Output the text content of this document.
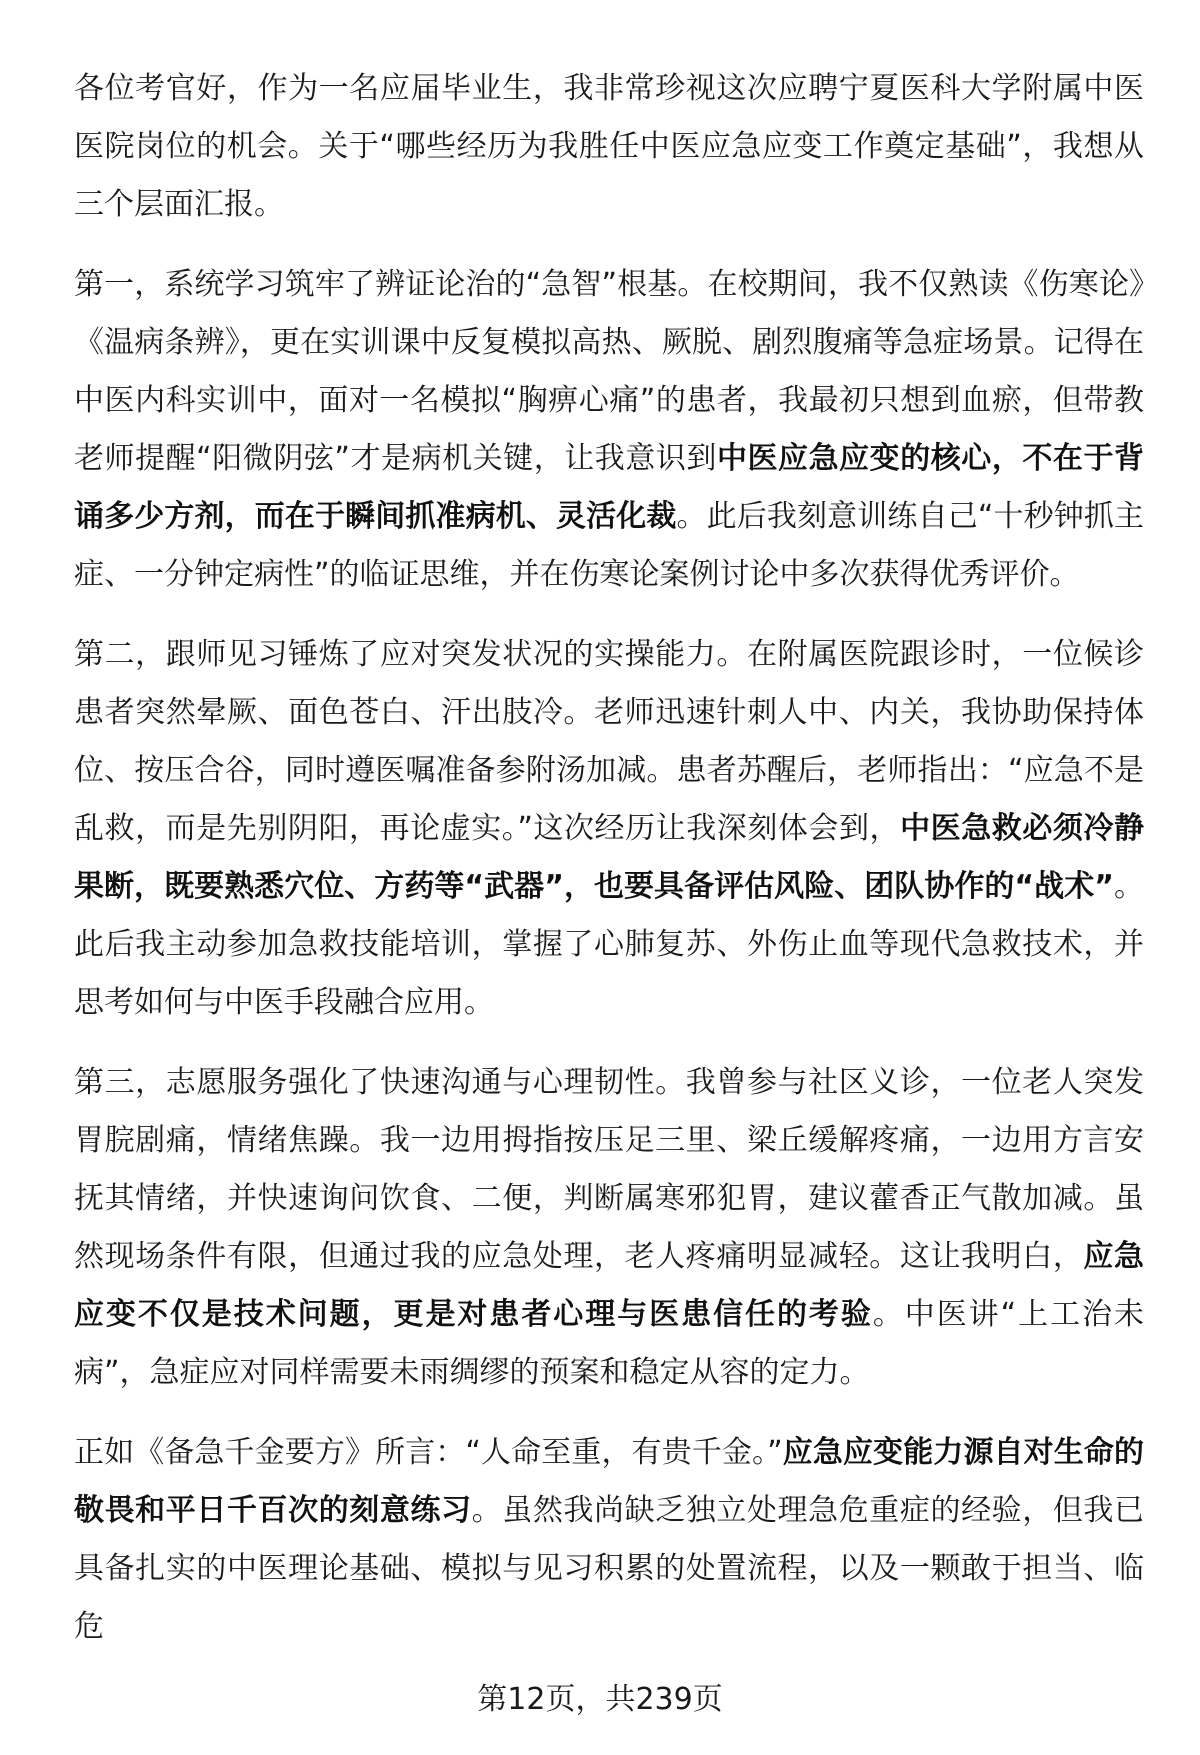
各位考官好，作为一名应届毕业生，我非常珍视这次应聘宁夏医科大学附属中医医院岗位的机会。关于“哪些经历为我胜任中医应急应变工作奠定基础”，我想从三个层面汇报。

第一，系统学习筑牢了辨证论治的“急智”根基。在校期间，我不仅熟读《伤寒论》《温病条辨》，更在实训课中反复模拟高热、厥脱、剧烈腹痛等急症场景。记得在中医内科实训中，面对一名模拟“胸痹心痛”的患者，我最初只想到血瘀，但带教老师提醒“阳微阴弦”才是病机关键，让我意识到中医应急应变的核心，不在于背诵多少方剂，而在于瞬间抓准病机、灵活化裁。此后我刻意训练自己“十秒钟抓主症、一分钟定病性”的临证思维，并在伤寒论案例讨论中多次获得优秀评价。

第二，跟师见习锤炼了应对突发状况的实操能力。在附属医院跟诊时，一位候诊患者突然晕厥、面色苍白、汗出肢冷。老师迅速针刺人中、内关，我协助保持体位、按压合谷，同时遵医嘱准备参附汤加减。患者苏醒后，老师指出：“应急不是乱救，而是先别阴阳，再论虚实。”这次经历让我深刻体会到，中医急救必须冷静果断，既要熟悉穴位、方药等“武器”，也要具备评估风险、团队协作的“战术”。此后我主动参加急救技能培训，掌握了心肺复苏、外伤止血等现代急救技术，并思考如何与中医手段融合应用。

第三，志愿服务强化了快速沟通与心理韧性。我曾参与社区义诊，一位老人突发胃脘剧痛，情绪焦躁。我一边用拇指按压足三里、梁丘缓解疼痛，一边用方言安抚其情绪，并快速询问饮食、二便，判断属寒邪犯胃，建议藿香正气散加减。虽然现场条件有限，但通过我的应急处理，老人疼痛明显减轻。这让我明白，应急应变不仅是技术问题，更是对患者心理与医患信任的考验。中医讲“上工治未病”，急症应对同样需要未雨绸缪的预案和稳定从容的定力。

正如《备急千金要方》所言：“人命至重，有贵千金。”应急应变能力源自对生命的敬畏和平日千百次的刻意练习。虽然我尚缺乏独立处理急危重症的经验，但我已具备扎实的中医理论基础、模拟与见习积累的处置流程，以及一颗敢于担当、临危

第12页，共239页
